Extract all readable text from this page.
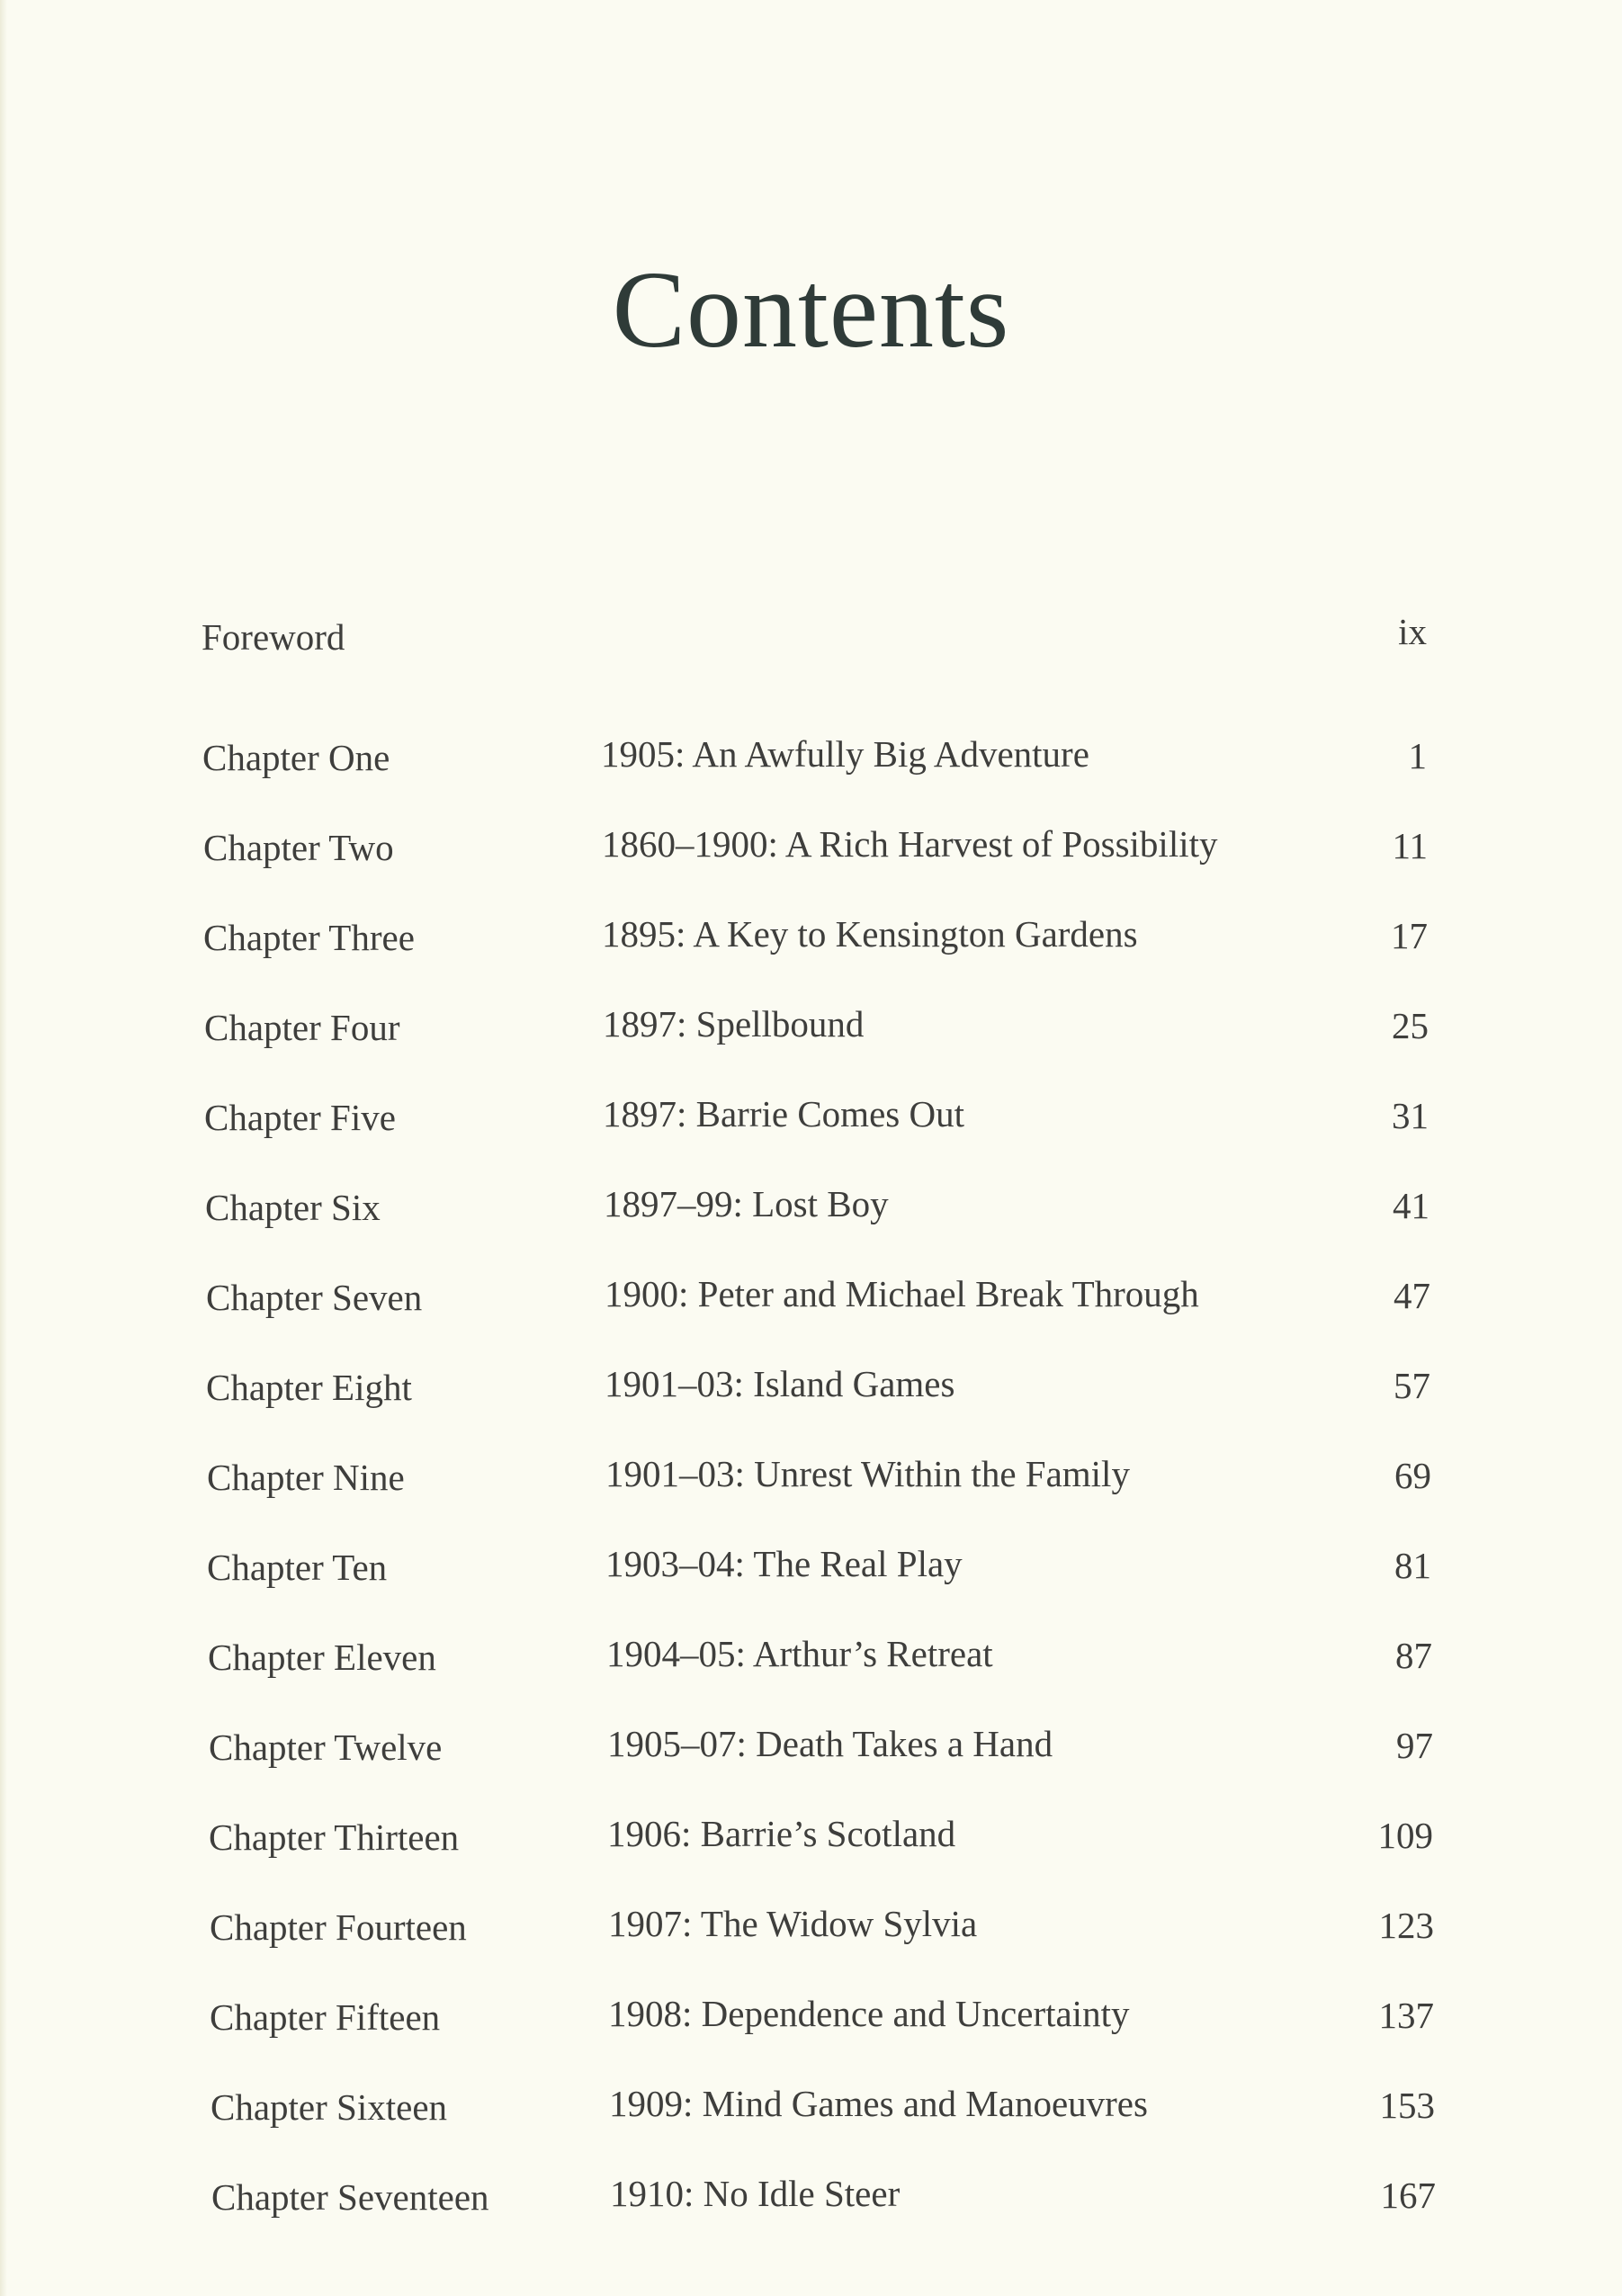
Contents
Foreword	ix
Chapter One	1905: An Awfully Big Adventure	1
Chapter Two	1860–1900: A Rich Harvest of Possibility	11
Chapter Three	1895: A Key to Kensington Gardens	17
Chapter Four	1897: Spellbound	25
Chapter Five	1897: Barrie Comes Out	31
Chapter Six	1897–99: Lost Boy	41
Chapter Seven	1900: Peter and Michael Break Through	47
Chapter Eight	1901–03: Island Games	57
Chapter Nine	1901–03: Unrest Within the Family	69
Chapter Ten	1903–04: The Real Play	81
Chapter Eleven	1904–05: Arthur’s Retreat	87
Chapter Twelve	1905–07: Death Takes a Hand	97
Chapter Thirteen	1906: Barrie’s Scotland	109
Chapter Fourteen	1907: The Widow Sylvia	123
Chapter Fifteen	1908: Dependence and Uncertainty	137
Chapter Sixteen	1909: Mind Games and Manoeuvres	153
Chapter Seventeen	1910: No Idle Steer	167
